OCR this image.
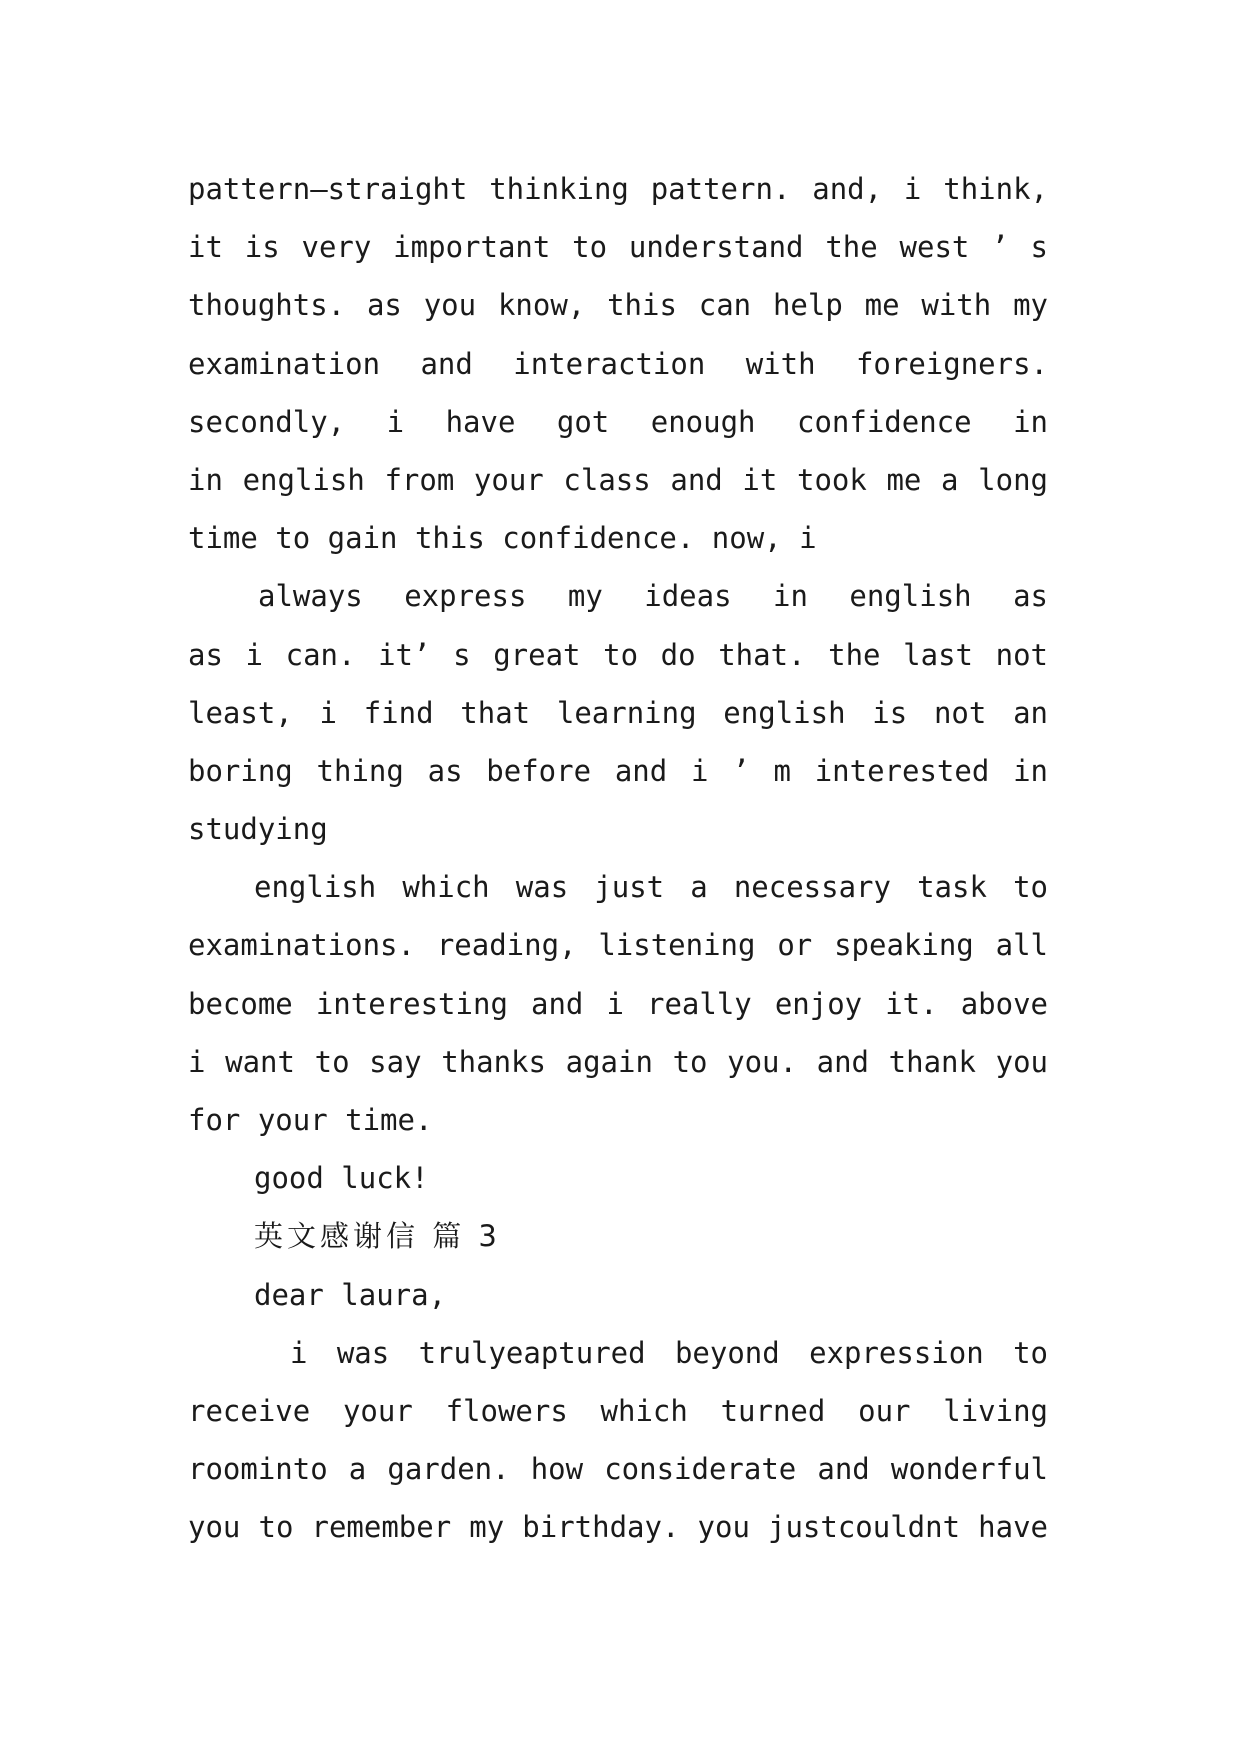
pattern—straight thinking pattern. and, i think,
it is very important to understand the west ’ s
thoughts. as you know, this can help me with my
examination and interaction with foreigners.
secondly, i have got enough confidence in
in english from your class and it took me a long
time to gain this confidence. now, i
always express my ideas in english as
as i can. it’ s great to do that. the last not
least, i find that learning english is not an
boring thing as before and i ’ m interested in
studying
english which was just a necessary task to
examinations. reading, listening or speaking all
become interesting and i really enjoy it. above
i want to say thanks again to you. and thank you
for your time.
good luck!
英文感谢信 篇 3
dear laura,
i was trulyeaptured beyond expression to
receive your flowers which turned our living
roominto a garden. how considerate and wonderful
you to remember my birthday. you justcouldnt have
